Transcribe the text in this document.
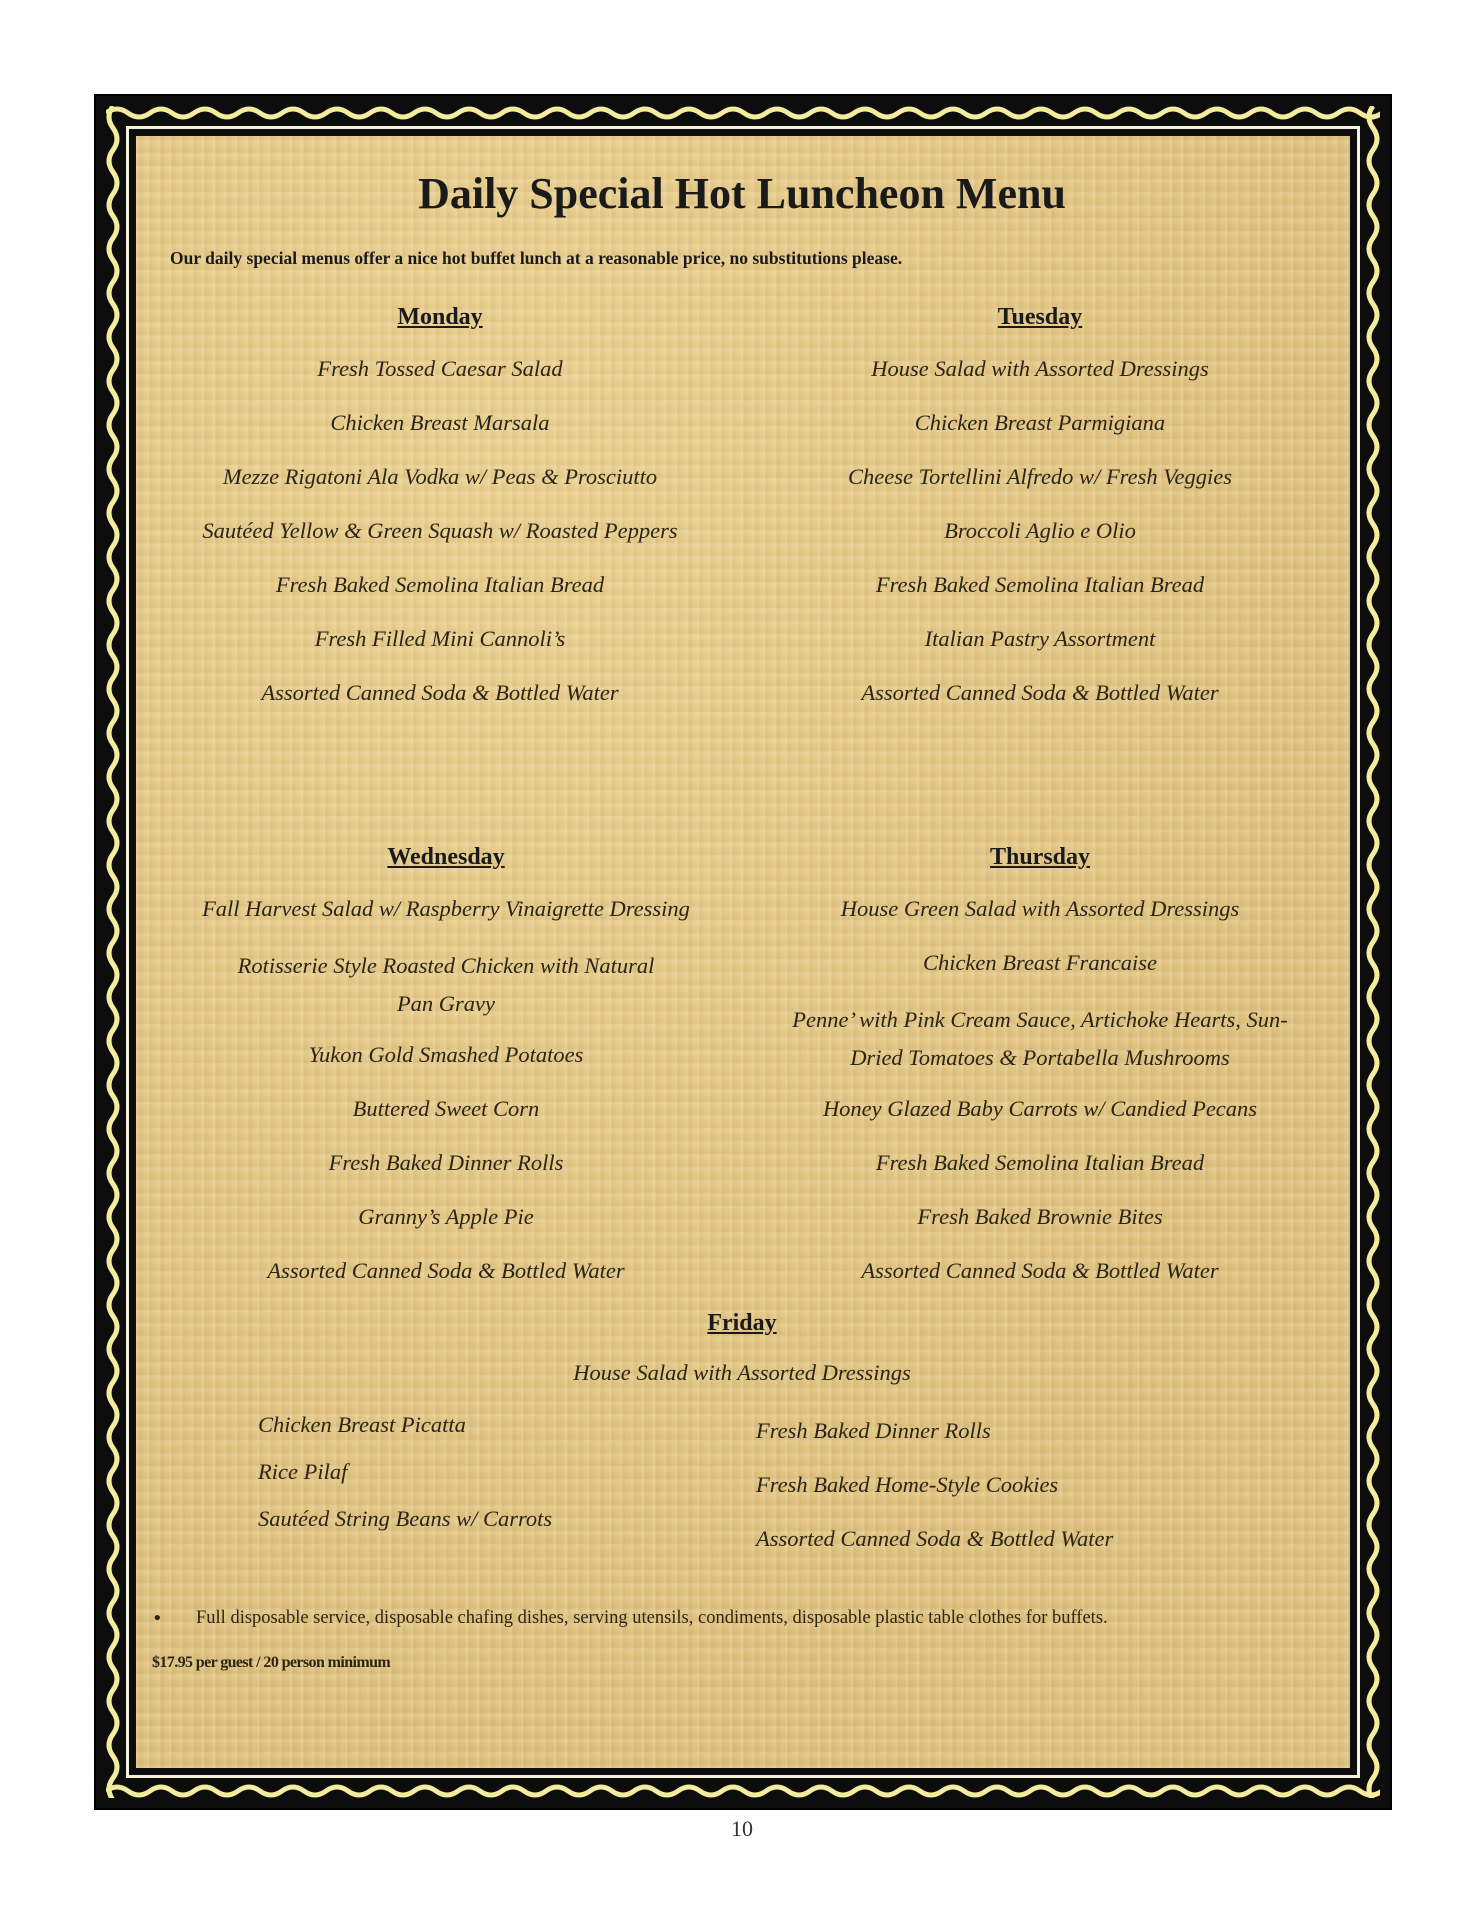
Daily Special Hot Luncheon Menu
Our daily special menus offer a nice hot buffet lunch at a reasonable price, no substitutions please.
Monday
Fresh Tossed Caesar Salad
Chicken Breast Marsala
Mezze Rigatoni Ala Vodka w/ Peas & Prosciutto
Sautéed Yellow & Green Squash w/ Roasted Peppers
Fresh Baked Semolina Italian Bread
Fresh Filled Mini Cannoli’s
Assorted Canned Soda & Bottled Water
Tuesday
House Salad with Assorted Dressings
Chicken Breast Parmigiana
Cheese Tortellini Alfredo w/ Fresh Veggies
Broccoli Aglio e Olio
Fresh Baked Semolina Italian Bread
Italian Pastry Assortment
Assorted Canned Soda & Bottled Water
Wednesday
Fall Harvest Salad w/ Raspberry Vinaigrette Dressing
Rotisserie Style Roasted Chicken with Natural Pan Gravy
Yukon Gold Smashed Potatoes
Buttered Sweet Corn
Fresh Baked Dinner Rolls
Granny’s Apple Pie
Assorted Canned Soda & Bottled Water
Thursday
House Green Salad with Assorted Dressings
Chicken Breast Francaise
Penne’ with Pink Cream Sauce, Artichoke Hearts, Sun-Dried Tomatoes & Portabella Mushrooms
Honey Glazed Baby Carrots w/ Candied Pecans
Fresh Baked Semolina Italian Bread
Fresh Baked Brownie Bites
Assorted Canned Soda & Bottled Water
Friday
House Salad with Assorted Dressings
Chicken Breast Picatta
Rice Pilaf
Sautéed String Beans w/ Carrots
Fresh Baked Dinner Rolls
Fresh Baked Home-Style Cookies
Assorted Canned Soda & Bottled Water
• Full disposable service, disposable chafing dishes, serving utensils, condiments, disposable plastic table clothes for buffets.
$17.95 per guest / 20 person minimum
10
